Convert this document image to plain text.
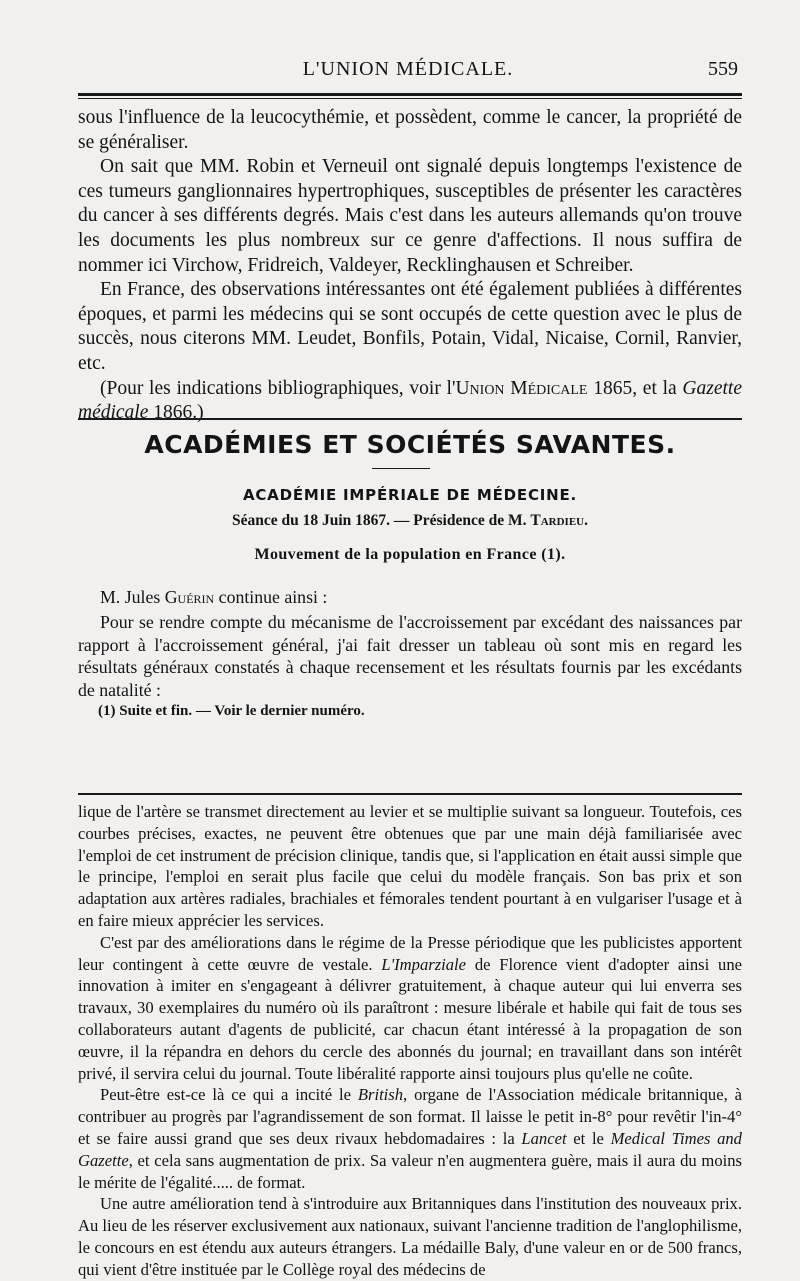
L'UNION MÉDICALE.	559

sous l'influence de la leucocythémie, et possèdent, comme le cancer, la propriété de se généraliser.

On sait que MM. Robin et Verneuil ont signalé depuis longtemps l'existence de ces tumeurs ganglionnaires hypertrophiques, susceptibles de présenter les caractères du cancer à ses différents degrés. Mais c'est dans les auteurs allemands qu'on trouve les documents les plus nombreux sur ce genre d'affections. Il nous suffira de nommer ici Virchow, Fridreich, Valdeyer, Recklinghausen et Schreiber.

En France, des observations intéressantes ont été également publiées à différentes époques, et parmi les médecins qui se sont occupés de cette question avec le plus de succès, nous citerons MM. Leudet, Bonfils, Potain, Vidal, Nicaise, Cornil, Ranvier, etc.

(Pour les indications bibliographiques, voir l'Union Médicale 1865, et la Gazette médicale 1866.)

ACADÉMIES ET SOCIÉTÉS SAVANTES.
ACADÉMIE IMPÉRIALE DE MÉDECINE.
Séance du 18 Juin 1867. — Présidence de M. Tardieu.
Mouvement de la population en France (1).

M. Jules Guérin continue ainsi :

Pour se rendre compte du mécanisme de l'accroissement par excédant des naissances par rapport à l'accroissement général, j'ai fait dresser un tableau où sont mis en regard les résultats généraux constatés à chaque recensement et les résultats fournis par les excédants de natalité :

(1) Suite et fin. — Voir le dernier numéro.

lique de l'artère se transmet directement au levier et se multiplie suivant sa longueur. Toutefois, ces courbes précises, exactes, ne peuvent être obtenues que par une main déjà familiarisée avec l'emploi de cet instrument de précision clinique, tandis que, si l'application en était aussi simple que le principe, l'emploi en serait plus facile que celui du modèle français. Son bas prix et son adaptation aux artères radiales, brachiales et fémorales tendent pourtant à en vulgariser l'usage et à en faire mieux apprécier les services.

C'est par des améliorations dans le régime de la Presse périodique que les publicistes apportent leur contingent à cette œuvre de vestale. L'Imparziale de Florence vient d'adopter ainsi une innovation à imiter en s'engageant à délivrer gratuitement, à chaque auteur qui lui enverra ses travaux, 30 exemplaires du numéro où ils paraîtront : mesure libérale et habile qui fait de tous ses collaborateurs autant d'agents de publicité, car chacun étant intéressé à la propagation de son œuvre, il la répandra en dehors du cercle des abonnés du journal; en travaillant dans son intérêt privé, il servira celui du journal. Toute libéralité rapporte ainsi toujours plus qu'elle ne coûte.

Peut-être est-ce là ce qui a incité le British, organe de l'Association médicale britannique, à contribuer au progrès par l'agrandissement de son format. Il laisse le petit in-8° pour revêtir l'in-4° et se faire aussi grand que ses deux rivaux hebdomadaires : la Lancet et le Medical Times and Gazette, et cela sans augmentation de prix. Sa valeur n'en augmentera guère, mais il aura du moins le mérite de l'égalité..... de format.

Une autre amélioration tend à s'introduire aux Britanniques dans l'institution des nouveaux prix. Au lieu de les réserver exclusivement aux nationaux, suivant l'ancienne tradition de l'anglophilisme, le concours en est étendu aux auteurs étrangers. La médaille Baly, d'une valeur en or de 500 francs, qui vient d'être instituée par le Collège royal des médecins de
